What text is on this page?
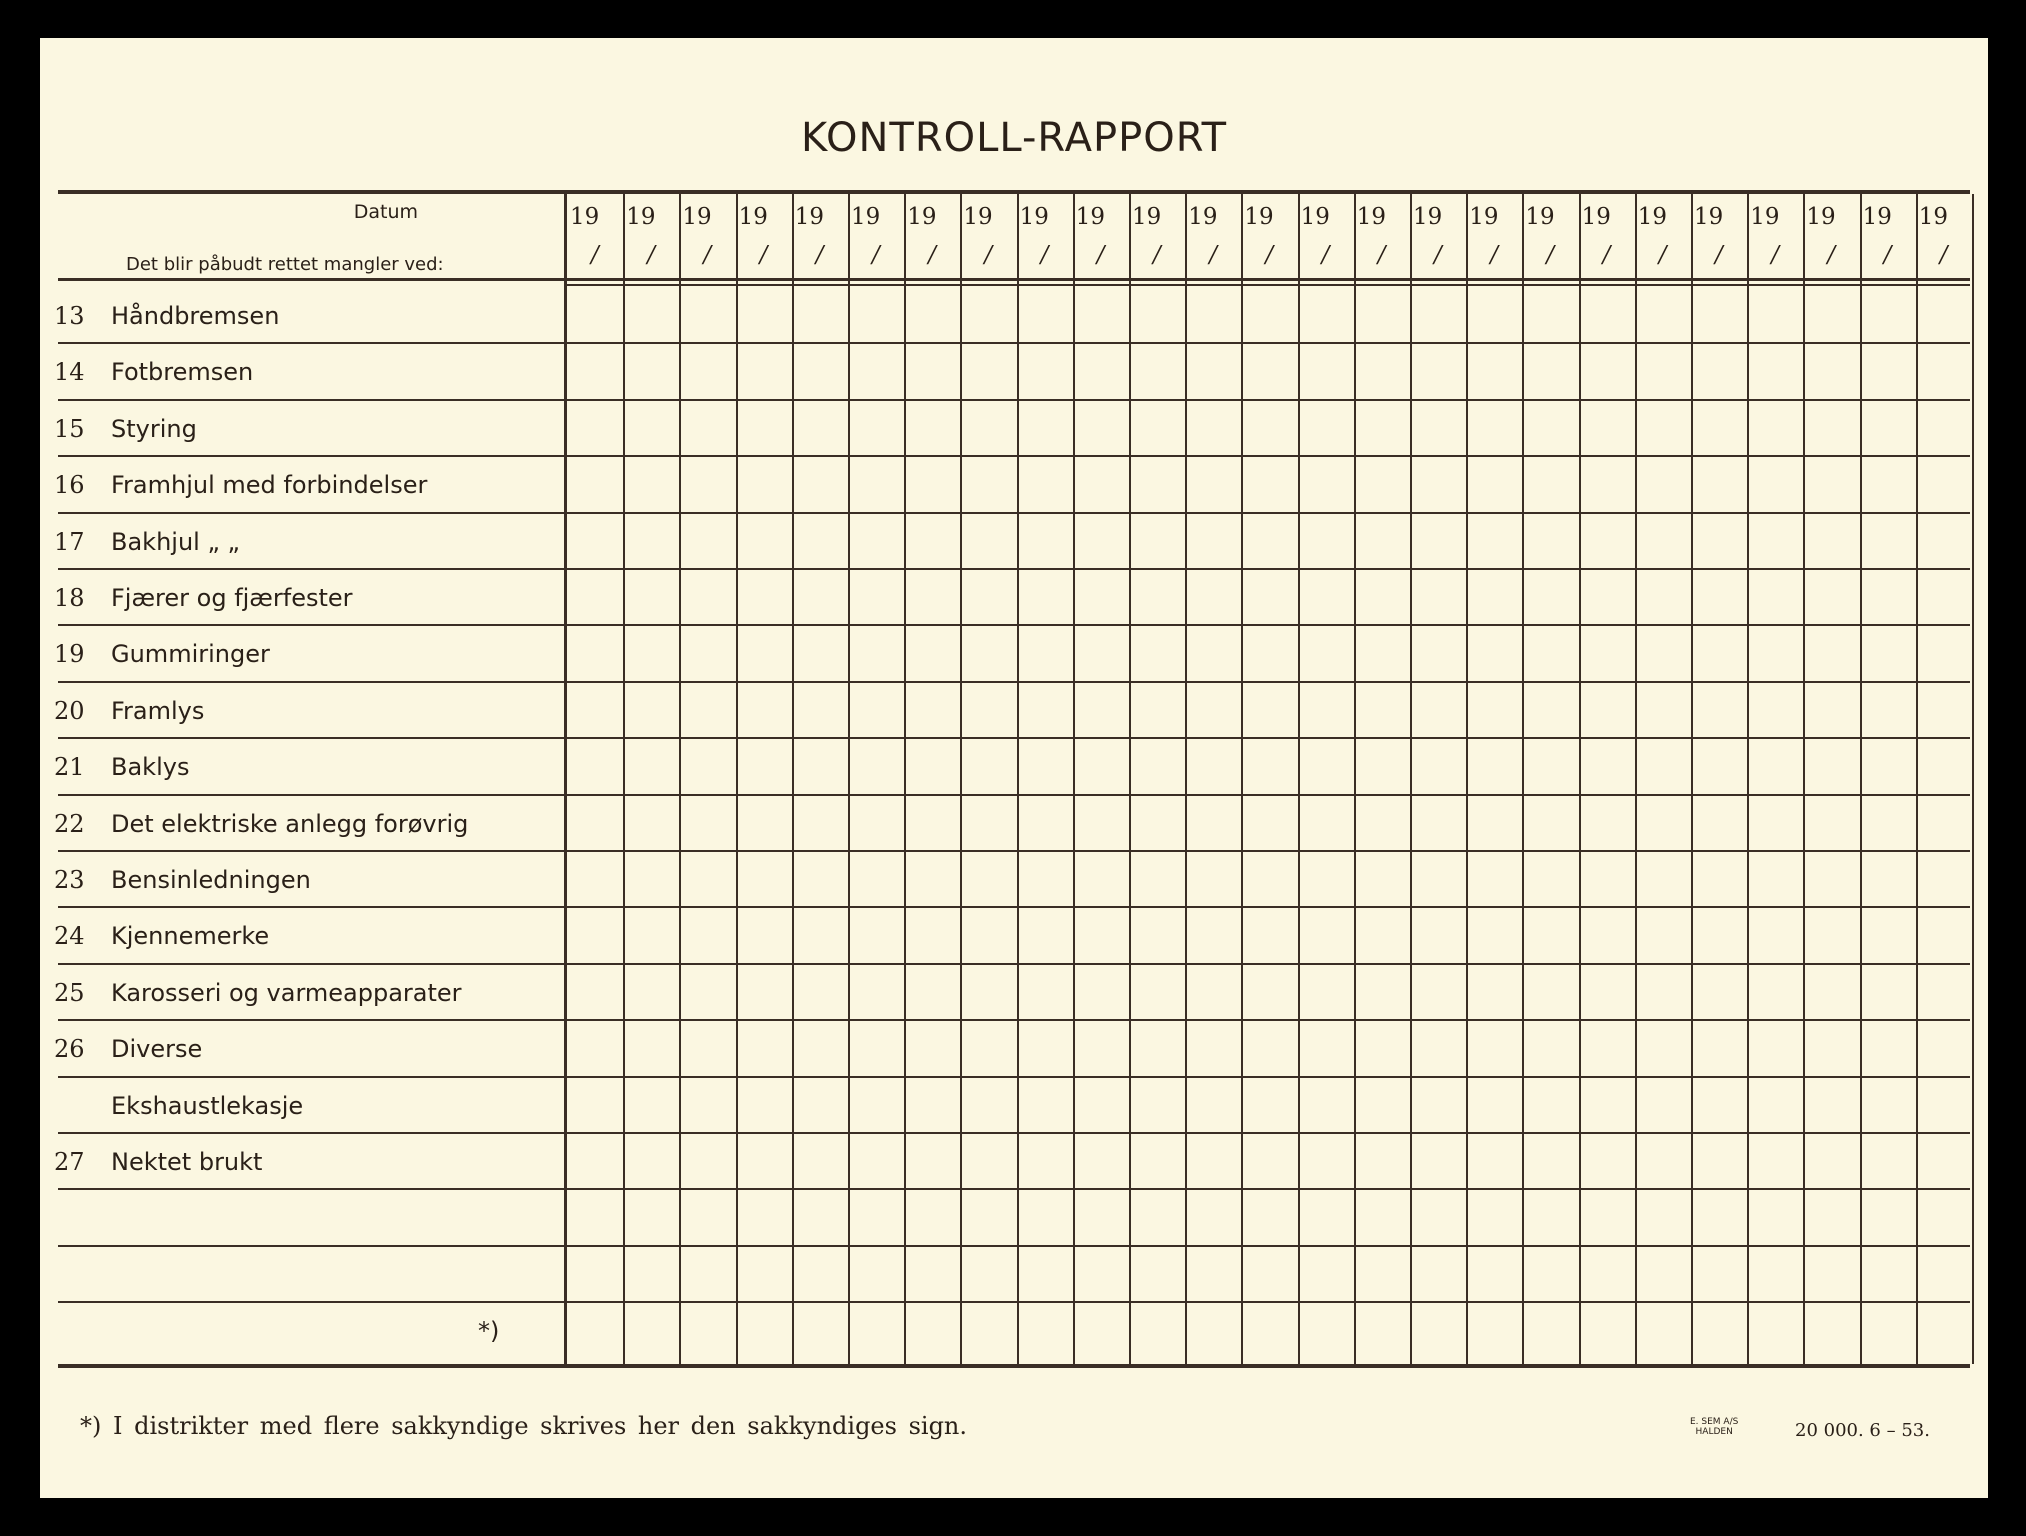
KONTROLL-RAPPORT
Datum
Det blir påbudt rettet mangler ved:
19
/
19
/
19
/
19
/
19
/
19
/
19
/
19
/
19
/
19
/
19
/
19
/
19
/
19
/
19
/
19
/
19
/
19
/
19
/
19
/
19
/
19
/
19
/
19
/
19
/
13 Håndbremsen
14 Fotbremsen
15 Styring
16 Framhjul med forbindelser
17 Bakhjul „ „
18 Fjærer og fjærfester
19 Gummiringer
20 Framlys
21 Baklys
22 Det elektriske anlegg forøvrig
23 Bensinledningen
24 Kjennemerke
25 Karosseri og varmeapparater
26 Diverse
Ekshaustlekasje
27 Nektet brukt
*)
*) I distrikter med flere sakkyndige skrives her den sakkyndiges sign.	E. SEM A/S
HALDEN	20 000. 6 – 53.
